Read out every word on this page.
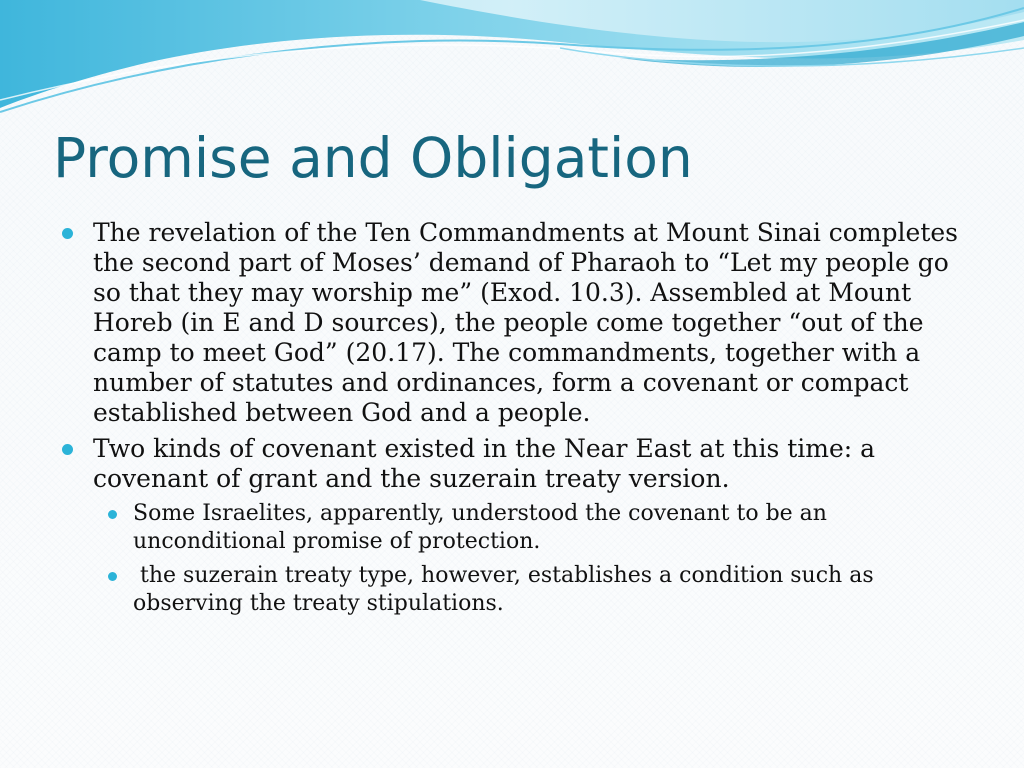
Promise and Obligation
The revelation of the Ten Commandments at Mount Sinai completes the second part of Moses’ demand of Pharaoh to “Let my people go so that they may worship me” (Exod. 10.3). Assembled at Mount Horeb (in E and D sources), the people come together “out of the camp to meet God” (20.17). The commandments, together with a number of statutes and ordinances, form a covenant or compact established between God and a people.
Two kinds of covenant existed in the Near East at this time: a covenant of grant and the suzerain treaty version.
Some Israelites, apparently, understood the covenant to be an unconditional promise of protection.
the suzerain treaty type, however, establishes a condition such as observing the treaty stipulations.
